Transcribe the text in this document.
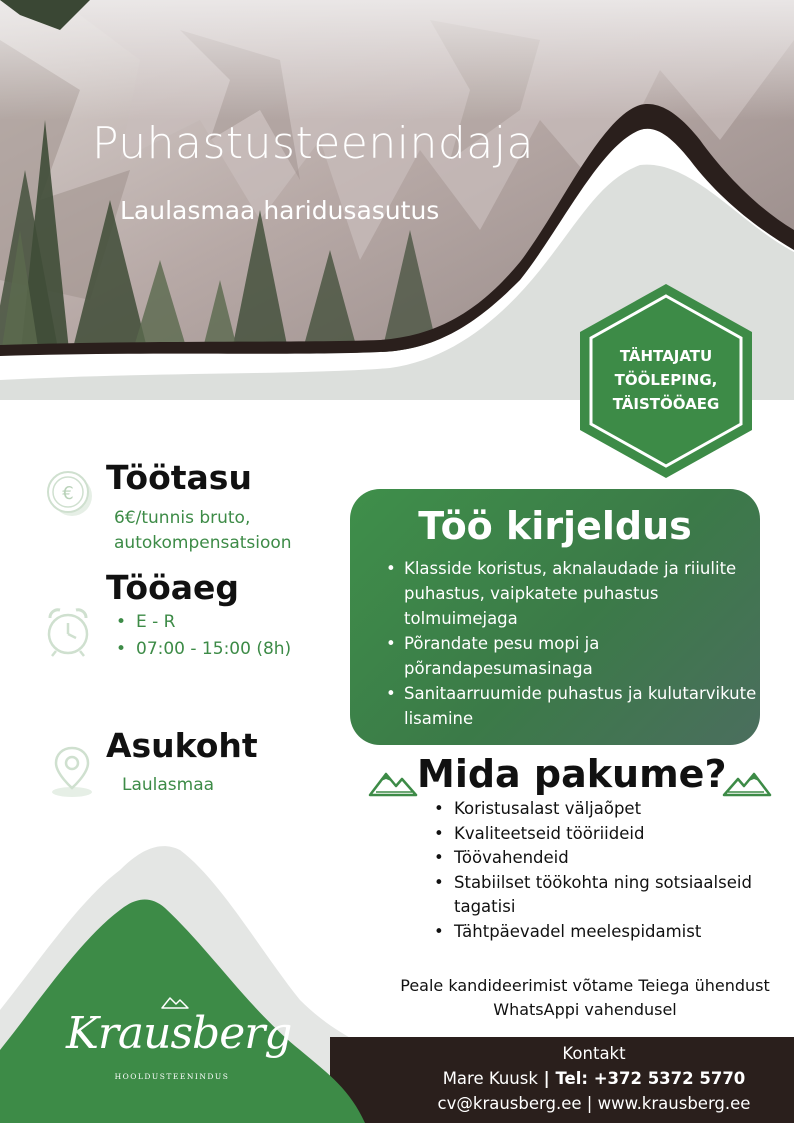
Puhastusteenindaja
Laulasmaa haridusasutus
TÄHTAJATU
TÖÖLEPING,
TÄISTÖÖAEG
€ Töötasu
6€/tunnis bruto,
autokompensatsioon
Tööaeg
• E - R
• 07:00 - 15:00 (8h)
Asukoht
Laulasmaa
Töö kirjeldus
• Klasside koristus, aknalaudade ja riiulite puhastus, vaipkatete puhastus tolmuimejaga
• Põrandate pesu mopi ja põrandapesumasinaga
• Sanitaarruumide puhastus ja kulutarvikute lisamine
Mida pakume?
• Koristusalast väljaõpet
• Kvaliteetseid tööriideid
• Töövahendeid
• Stabiilset töökohta ning sotsiaalseid tagatisi
• Tähtpäevadel meelespidamist
Peale kandideerimist võtame Teiega ühendust
WhatsAppi vahendusel
Krausberg
HOOLDUSTEENINDUS
Kontakt
Mare Kuusk | Tel: +372 5372 5770
cv@krausberg.ee | www.krausberg.ee
